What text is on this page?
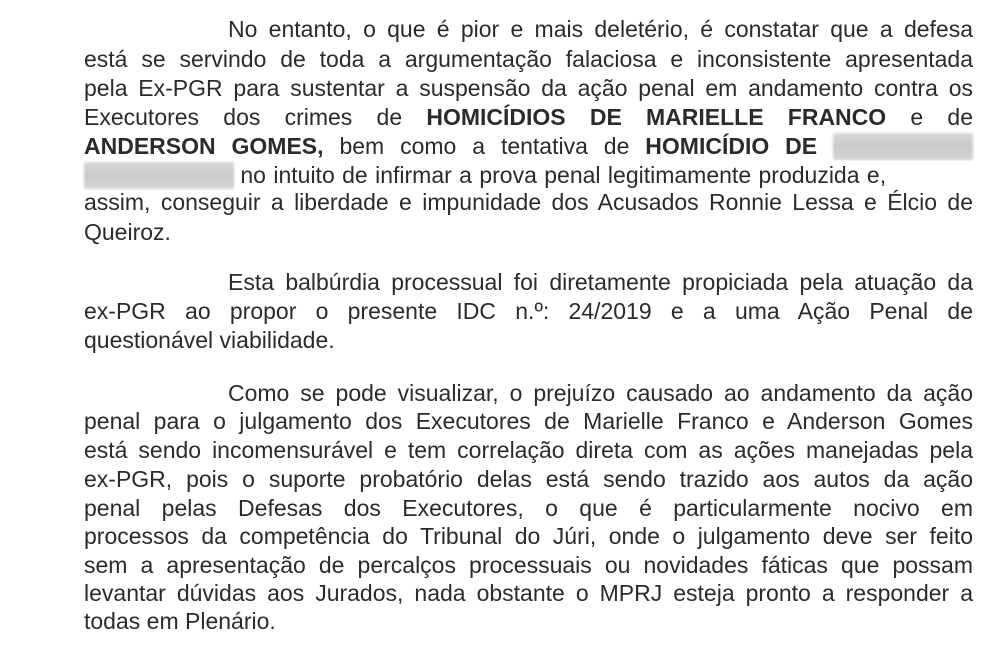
No entanto, o que é pior e mais deletério, é constatar que a defesa
está se servindo de toda a argumentação falaciosa e inconsistente apresentada
pela Ex-PGR para sustentar a suspensão da ação penal em andamento contra os
Executores dos crimes de HOMICÍDIOS DE MARIELLE FRANCO e de
ANDERSON GOMES, bem como a tentativa de HOMICÍDIO DE
no intuito de infirmar a prova penal legitimamente produzida e,
assim, conseguir a liberdade e impunidade dos Acusados Ronnie Lessa e Élcio de
Queiroz.
Esta balbúrdia processual foi diretamente propiciada pela atuação da
ex-PGR ao propor o presente IDC n.º: 24/2019 e a uma Ação Penal de
questionável viabilidade.
Como se pode visualizar, o prejuízo causado ao andamento da ação
penal para o julgamento dos Executores de Marielle Franco e Anderson Gomes
está sendo incomensurável e tem correlação direta com as ações manejadas pela
ex-PGR, pois o suporte probatório delas está sendo trazido aos autos da ação
penal pelas Defesas dos Executores, o que é particularmente nocivo em
processos da competência do Tribunal do Júri, onde o julgamento deve ser feito
sem a apresentação de percalços processuais ou novidades fáticas que possam
levantar dúvidas aos Jurados, nada obstante o MPRJ esteja pronto a responder a
todas em Plenário.
